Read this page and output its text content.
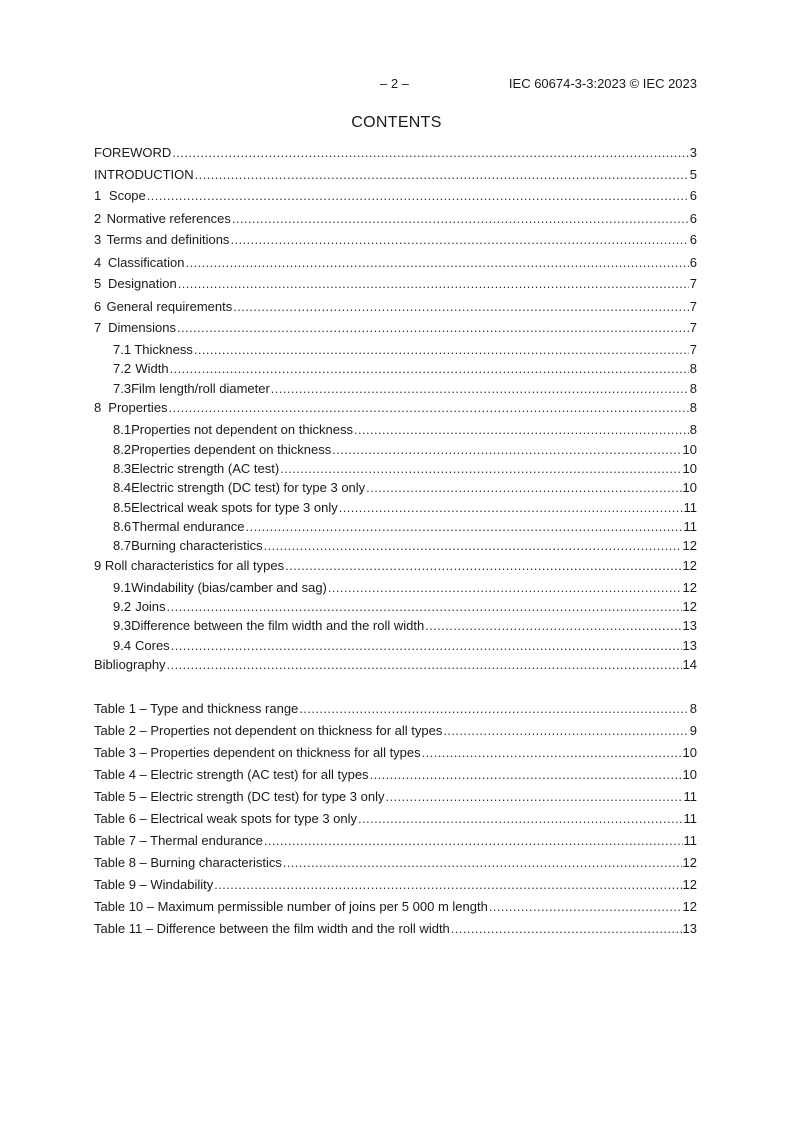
– 2 –	IEC 60674-3-3:2023 © IEC 2023
CONTENTS
FOREWORD .....	3
INTRODUCTION .....	5
1 Scope .....	6
2 Normative references .....	6
3 Terms and definitions .....	6
4 Classification .....	6
5 Designation .....	7
6 General requirements .....	7
7 Dimensions .....	7
7.1 Thickness .....	7
7.2 Width .....	8
7.3 Film length/roll diameter .....	8
8 Properties .....	8
8.1 Properties not dependent on thickness .....	8
8.2 Properties dependent on thickness .....	10
8.3 Electric strength (AC test) .....	10
8.4 Electric strength (DC test) for type 3 only .....	10
8.5 Electrical weak spots for type 3 only .....	11
8.6 Thermal endurance .....	11
8.7 Burning characteristics .....	12
9 Roll characteristics for all types .....	12
9.1 Windability (bias/camber and sag) .....	12
9.2 Joins .....	12
9.3 Difference between the film width and the roll width .....	13
9.4 Cores .....	13
Bibliography .....	14
Table 1 – Type and thickness range .....	8
Table 2 – Properties not dependent on thickness for all types .....	9
Table 3 – Properties dependent on thickness for all types .....	10
Table 4 – Electric strength (AC test) for all types .....	10
Table 5 – Electric strength (DC test) for type 3 only .....	11
Table 6 – Electrical weak spots for type 3 only .....	11
Table 7 – Thermal endurance .....	11
Table 8 – Burning characteristics .....	12
Table 9 – Windability .....	12
Table 10 – Maximum permissible number of joins per 5 000 m length .....	12
Table 11 – Difference between the film width and the roll width .....	13
